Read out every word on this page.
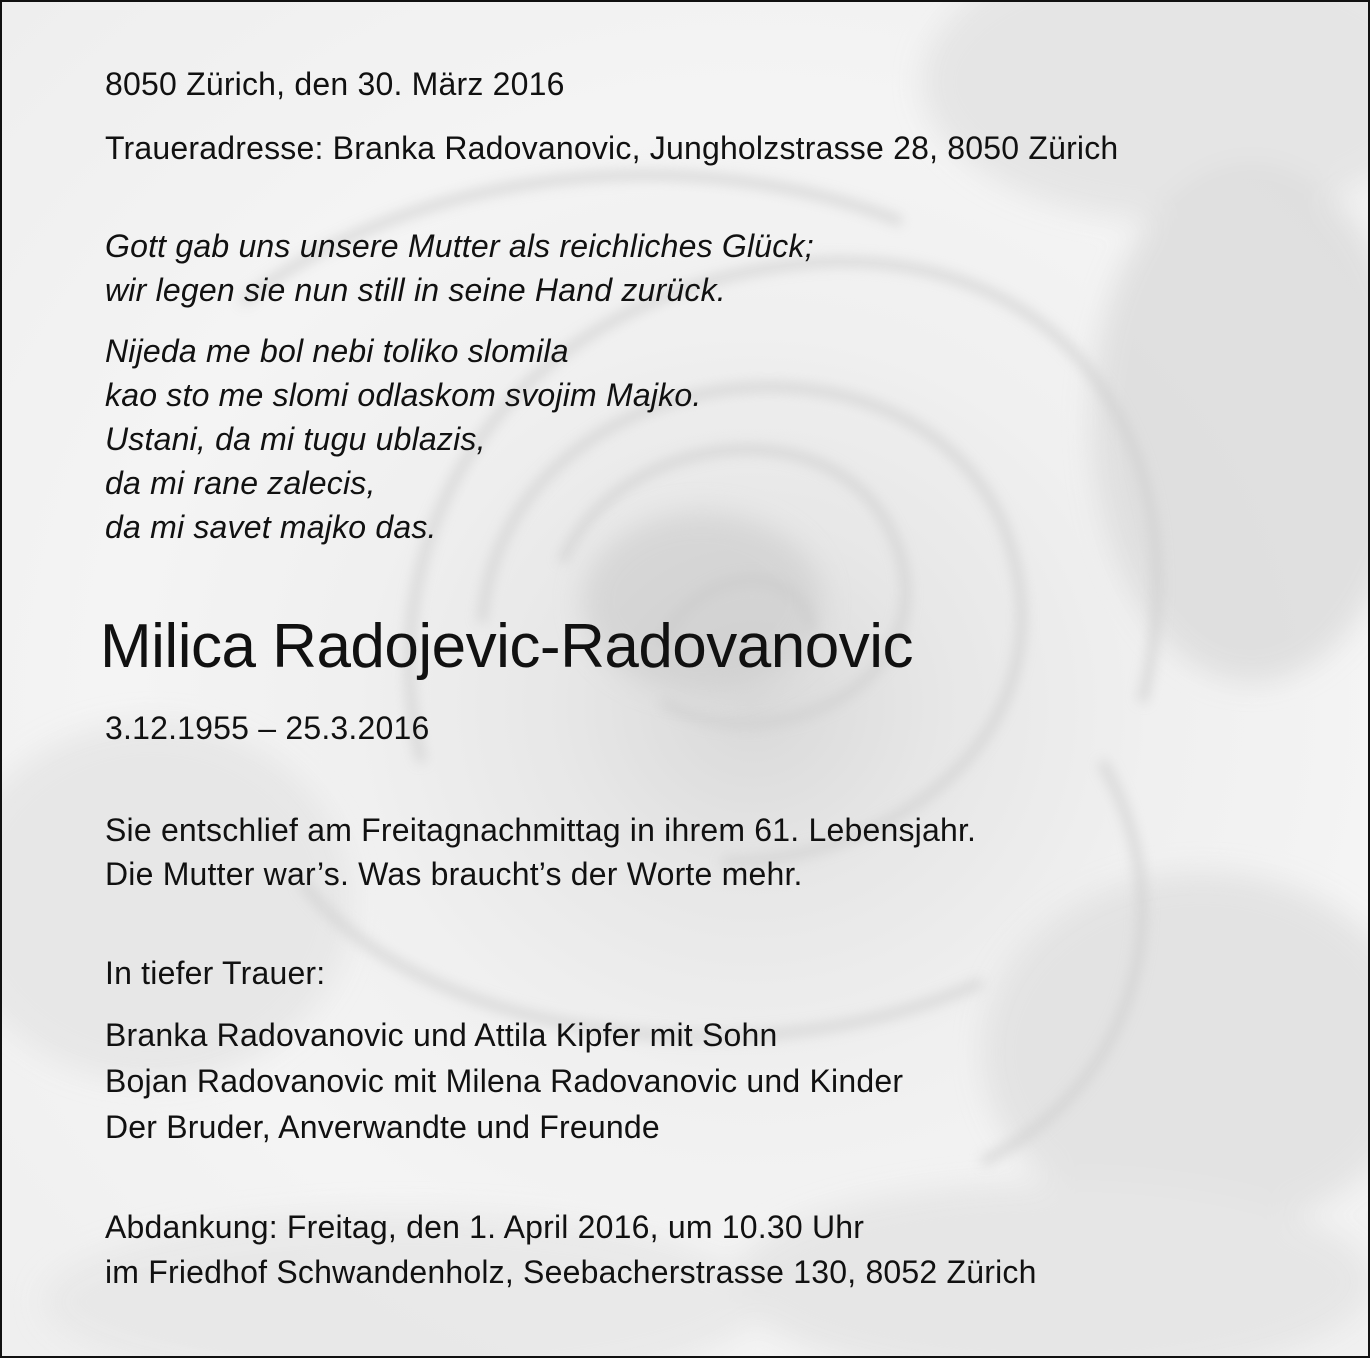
8050 Zürich, den 30. März 2016
Traueradresse: Branka Radovanovic, Jungholzstrasse 28, 8050 Zürich
Gott gab uns unsere Mutter als reichliches Glück;
wir legen sie nun still in seine Hand zurück.
Nijeda me bol nebi toliko slomila
kao sto me slomi odlaskom svojim Majko.
Ustani, da mi tugu ublazis,
da mi rane zalecis,
da mi savet majko das.
Milica Radojevic-Radovanovic
3.12.1955 – 25.3.2016
Sie entschlief am Freitagnachmittag in ihrem 61. Lebensjahr.
Die Mutter war’s. Was braucht’s der Worte mehr.
In tiefer Trauer:
Branka Radovanovic und Attila Kipfer mit Sohn
Bojan Radovanovic mit Milena Radovanovic und Kinder
Der Bruder, Anverwandte und Freunde
Abdankung: Freitag, den 1. April 2016, um 10.30 Uhr
im Friedhof Schwandenholz, Seebacherstrasse 130, 8052 Zürich
